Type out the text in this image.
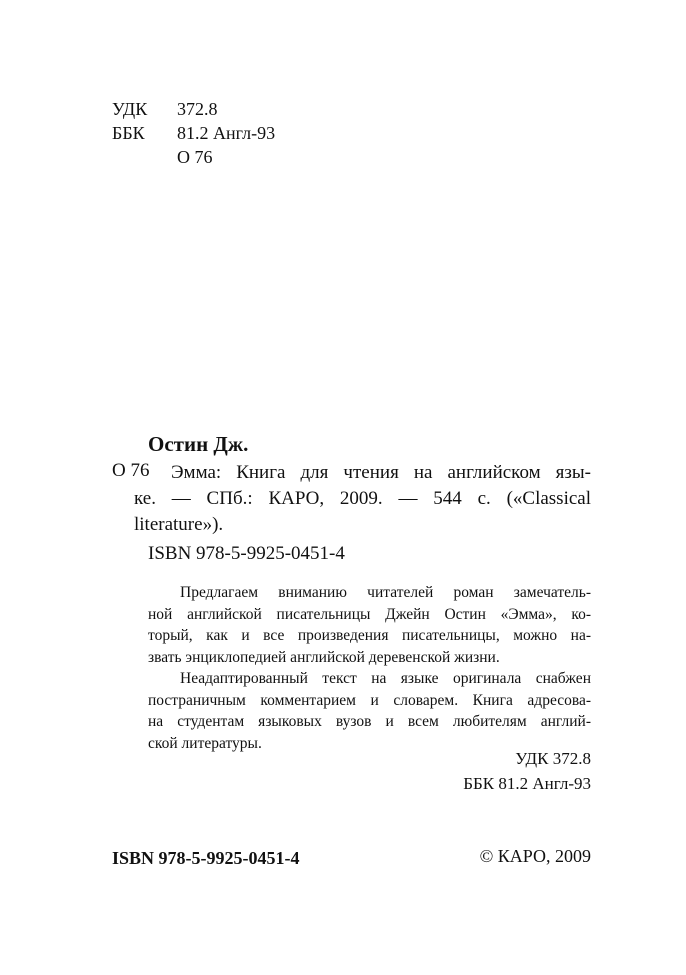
УДК 372.8
ББК 81.2 Англ-93
О 76
Остин Дж.
О 76	Эмма: Книга для чтения на английском язы-
ке. — СПб.: КАРО, 2009. — 544 с. («Classical
literature»).
ISBN 978-5-9925-0451-4
Предлагаем вниманию читателей роман замечатель-
ной английской писательницы Джейн Остин «Эмма», ко-
торый, как и все произведения писательницы, можно на-
звать энциклопедией английской деревенской жизни.
Неадаптированный текст на языке оригинала снабжен
постраничным комментарием и словарем. Книга адресова-
на студентам языковых вузов и всем любителям англий-
ской литературы.
УДК 372.8
ББК 81.2 Англ-93
ISBN 978-5-9925-0451-4	© КАРО, 2009
